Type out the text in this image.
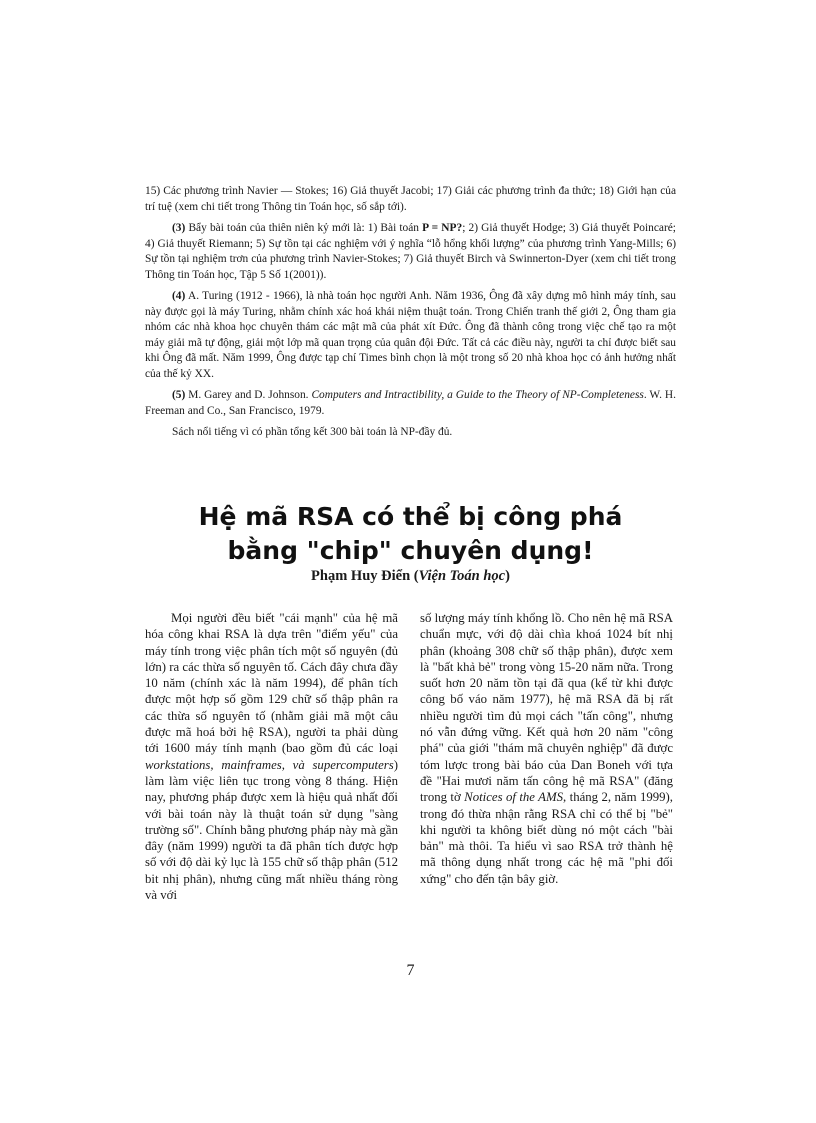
15) Các phương trình Navier — Stokes; 16) Giả thuyết Jacobi; 17) Giải các phương trình đa thức; 18) Giới hạn của trí tuệ (xem chi tiết trong Thông tin Toán học, số sắp tới).

(3) Bẩy bài toán của thiên niên kỷ mới là: 1) Bài toán P = NP?; 2) Giả thuyết Hodge; 3) Giả thuyết Poincaré; 4) Giả thuyết Riemann; 5) Sự tồn tại các nghiệm với ý nghĩa “lỗ hổng khối lượng” của phương trình Yang-Mills; 6) Sự tồn tại nghiệm trơn của phương trình Navier-Stokes; 7) Giả thuyết Birch và Swinnerton-Dyer (xem chi tiết trong Thông tin Toán học, Tập 5 Số 1(2001)).

(4) A. Turing (1912 - 1966), là nhà toán học người Anh. Năm 1936, Ông đã xây dựng mô hình máy tính, sau này được gọi là máy Turing, nhằm chính xác hoá khái niệm thuật toán. Trong Chiến tranh thế giới 2, Ông tham gia nhóm các nhà khoa học chuyên thám các mật mã của phát xít Đức. Ông đã thành công trong việc chế tạo ra một máy giải mã tự động, giải một lớp mã quan trọng của quân đội Đức. Tất cả các điều này, người ta chỉ được biết sau khi Ông đã mất. Năm 1999, Ông được tạp chí Times bình chọn là một trong số 20 nhà khoa học có ảnh hưởng nhất của thế kỷ XX.

(5) M. Garey and D. Johnson. Computers and Intractibility, a Guide to the Theory of NP-Completeness. W. H. Freeman and Co., San Francisco, 1979.

Sách nổi tiếng vì có phần tổng kết 300 bài toán là NP-đầy đủ.

Hệ mã RSA có thể bị công phá
bằng "chip" chuyên dụng!
Phạm Huy Điển (Viện Toán học)
Mọi người đều biết "cái mạnh" của hệ mã hóa công khai RSA là dựa trên "điểm yếu" của máy tính trong việc phân tích một số nguyên (đủ lớn) ra các thừa số nguyên tố. Cách đây chưa đầy 10 năm (chính xác là năm 1994), để phân tích được một hợp số gồm 129 chữ số thập phân ra các thừa số nguyên tố (nhằm giải mã một câu được mã hoá bởi hệ RSA), người ta phải dùng tới 1600 máy tính mạnh (bao gồm đủ các loại workstations, mainframes, và supercomputers) làm làm việc liên tục trong vòng 8 tháng. Hiện nay, phương pháp được xem là hiệu quả nhất đối với bài toán này là thuật toán sử dụng "sàng trường số". Chính bằng phương pháp này mà gần đây (năm 1999) người ta đã phân tích được hợp số với độ dài kỷ lục là 155 chữ số thập phân (512 bit nhị phân), nhưng cũng mất nhiều tháng ròng và với
số lượng máy tính khổng lồ. Cho nên hệ mã RSA chuẩn mực, với độ dài chìa khoá 1024 bít nhị phân (khoảng 308 chữ số thập phân), được xem là "bất khả bẻ" trong vòng 15-20 năm nữa. Trong suốt hơn 20 năm tồn tại đã qua (kể từ khi được công bố váo năm 1977), hệ mã RSA đã bị rất nhiều người tìm đủ mọi cách "tấn công", nhưng nó vẫn đứng vững. Kết quả hơn 20 năm "công phá" của giới "thám mã chuyên nghiệp" đã được tóm lược trong bài báo của Dan Boneh với tựa đề "Hai mươi năm tấn công hệ mã RSA" (đăng trong tờ Notices of the AMS, tháng 2, năm 1999), trong đó thừa nhận rằng RSA chỉ có thể bị "bẻ" khi người ta không biết dùng nó một cách "bài bản" mà thôi. Ta hiểu vì sao RSA trở thành hệ mã thông dụng nhất trong các hệ mã "phi đối xứng" cho đến tận bây giờ.
7
